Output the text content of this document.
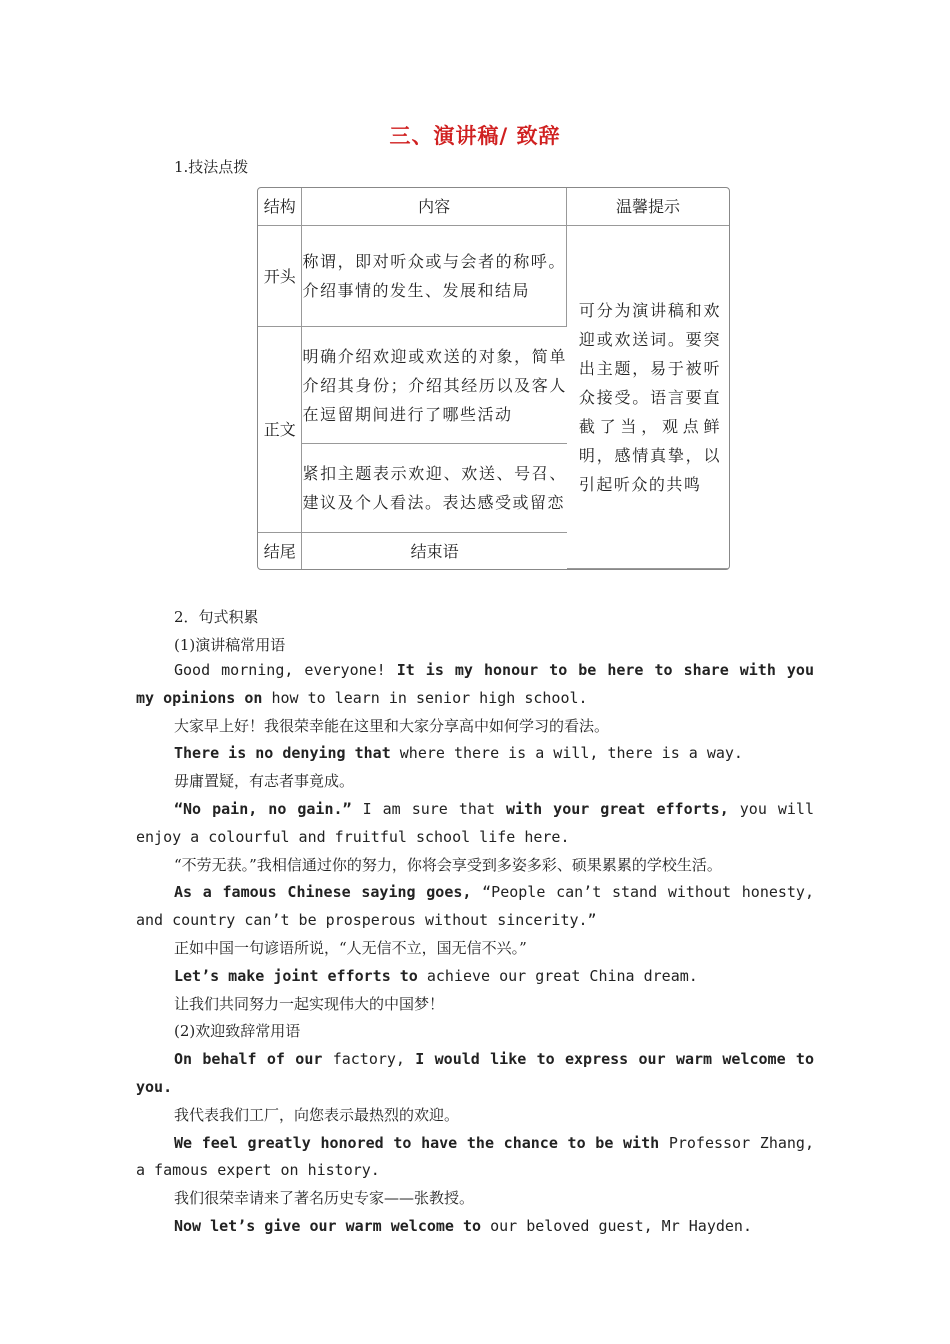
三、演讲稿/ 致辞

1.技法点拨

结构	内容	温馨提示
开头	称谓，即对听众或与会者的称呼。介绍事情的发生、发展和结局	可分为演讲稿和欢迎或欢送词。要突出主题，易于被听众接受。语言要直截了当，观点鲜明，感情真挚，以引起听众的共鸣
正文	明确介绍欢迎或欢送的对象，简单介绍其身份；介绍其经历以及客人在逗留期间进行了哪些活动	
	紧扣主题表示欢迎、欢送、号召、建议及个人看法。表达感受或留恋	
结尾	结束语	

2．句式积累

(1)演讲稿常用语

Good morning, everyone! It is my honour to be here to share with you my opinions on how to learn in senior high school.

大家早上好！我很荣幸能在这里和大家分享高中如何学习的看法。

There is no denying that where there is a will, there is a way.

毋庸置疑，有志者事竟成。

“No pain, no gain.” I am sure that with your great efforts, you will enjoy a colourful and fruitful school life here.

“不劳无获。”我相信通过你的努力，你将会享受到多姿多彩、硕果累累的学校生活。

As a famous Chinese saying goes, “People can’t stand without honesty, and country can’t be prosperous without sincerity.”

正如中国一句谚语所说，“人无信不立，国无信不兴。”

Let’s make joint efforts to achieve our great China dream.

让我们共同努力一起实现伟大的中国梦！

(2)欢迎致辞常用语

On behalf of our factory, I would like to express our warm welcome to you.

我代表我们工厂，向您表示最热烈的欢迎。

We feel greatly honored to have the chance to be with Professor Zhang, a famous expert on history.

我们很荣幸请来了著名历史专家——张教授。

Now let’s give our warm welcome to our beloved guest, Mr Hayden.
